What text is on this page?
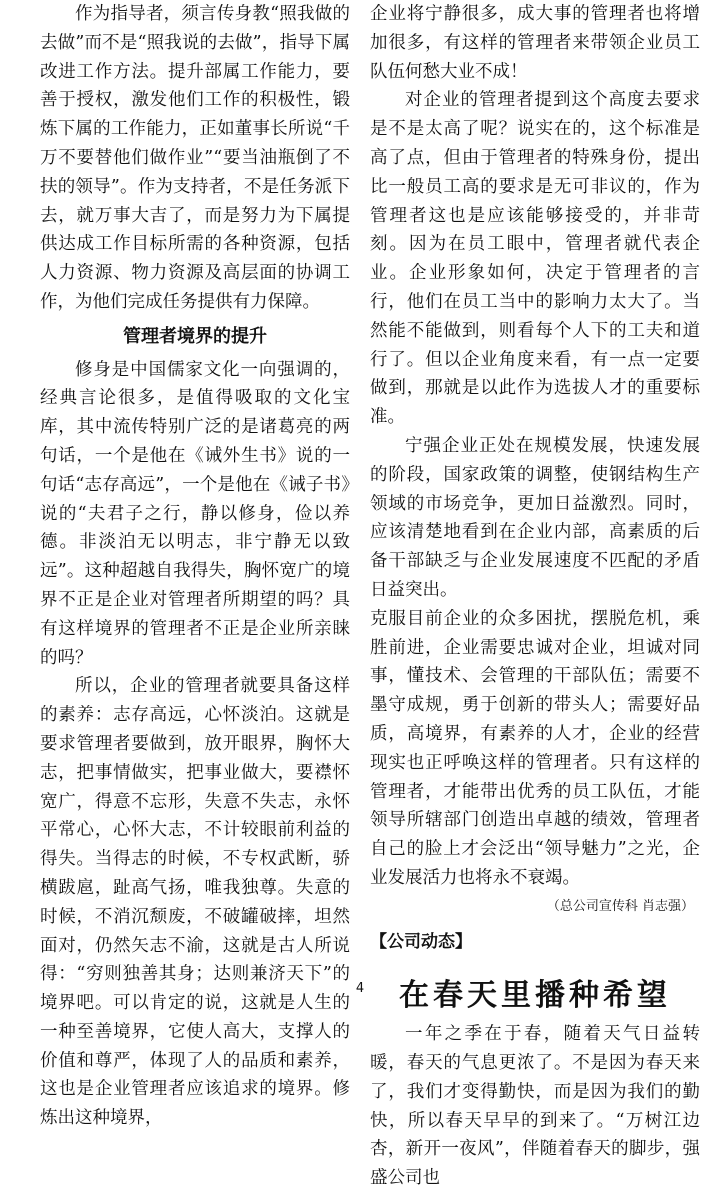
作为指导者，须言传身教“照我做的去做”而不是“照我说的去做”，指导下属改进工作方法。提升部属工作能力，要善于授权，激发他们工作的积极性，锻炼下属的工作能力，正如董事长所说“千万不要替他们做作业”“要当油瓶倒了不扶的领导”。作为支持者，不是任务派下去，就万事大吉了，而是努力为下属提供达成工作目标所需的各种资源，包括人力资源、物力资源及高层面的协调工作，为他们完成任务提供有力保障。

管理者境界的提升

修身是中国儒家文化一向强调的，经典言论很多，是值得吸取的文化宝库，其中流传特别广泛的是诸葛亮的两句话，一个是他在《诫外生书》说的一句话“志存高远”，一个是他在《诫子书》说的“夫君子之行，静以修身，俭以养德。非淡泊无以明志，非宁静无以致远”。这种超越自我得失，胸怀宽广的境界不正是企业对管理者所期望的吗？具有这样境界的管理者不正是企业所亲睐的吗？

所以，企业的管理者就要具备这样的素养：志存高远，心怀淡泊。这就是要求管理者要做到，放开眼界，胸怀大志，把事情做实，把事业做大，要襟怀宽广，得意不忘形，失意不失志，永怀平常心，心怀大志，不计较眼前利益的得失。当得志的时候，不专权武断，骄横跋扈，趾高气扬，唯我独尊。失意的时候，不消沉颓废，不破罐破摔，坦然面对，仍然矢志不渝，这就是古人所说得：“穷则独善其身；达则兼济天下”的境界吧。可以肯定的说，这就是人生的一种至善境界，它使人高大，支撑人的价值和尊严，体现了人的品质和素养，这也是企业管理者应该追求的境界。修炼出这种境界，

企业将宁静很多，成大事的管理者也将增加很多，有这样的管理者来带领企业员工队伍何愁大业不成！

对企业的管理者提到这个高度去要求是不是太高了呢？说实在的，这个标准是高了点，但由于管理者的特殊身份，提出比一般员工高的要求是无可非议的，作为管理者这也是应该能够接受的，并非苛刻。因为在员工眼中，管理者就代表企业。企业形象如何，决定于管理者的言行，他们在员工当中的影响力太大了。当然能不能做到，则看每个人下的工夫和道行了。但以企业角度来看，有一点一定要做到，那就是以此作为选拔人才的重要标准。

宁强企业正处在规模发展，快速发展的阶段，国家政策的调整，使钢结构生产领域的市场竞争，更加日益激烈。同时，应该清楚地看到在企业内部，高素质的后备干部缺乏与企业发展速度不匹配的矛盾日益突出。

克服目前企业的众多困扰，摆脱危机，乘胜前进，企业需要忠诚对企业，坦诚对同事，懂技术、会管理的干部队伍；需要不墨守成规，勇于创新的带头人；需要好品质，高境界，有素养的人才，企业的经营现实也正呼唤这样的管理者。只有这样的管理者，才能带出优秀的员工队伍，才能领导所辖部门创造出卓越的绩效，管理者自己的脸上才会泛出“领导魅力”之光，企业发展活力也将永不衰竭。

（总公司宣传科 肖志强）
【公司动态】
在春天里播种希望

一年之季在于春，随着天气日益转暖，春天的气息更浓了。不是因为春天来了，我们才变得勤快，而是因为我们的勤快，所以春天早早的到来了。“万树江边杏，新开一夜风”，伴随着春天的脚步，强盛公司也

4
